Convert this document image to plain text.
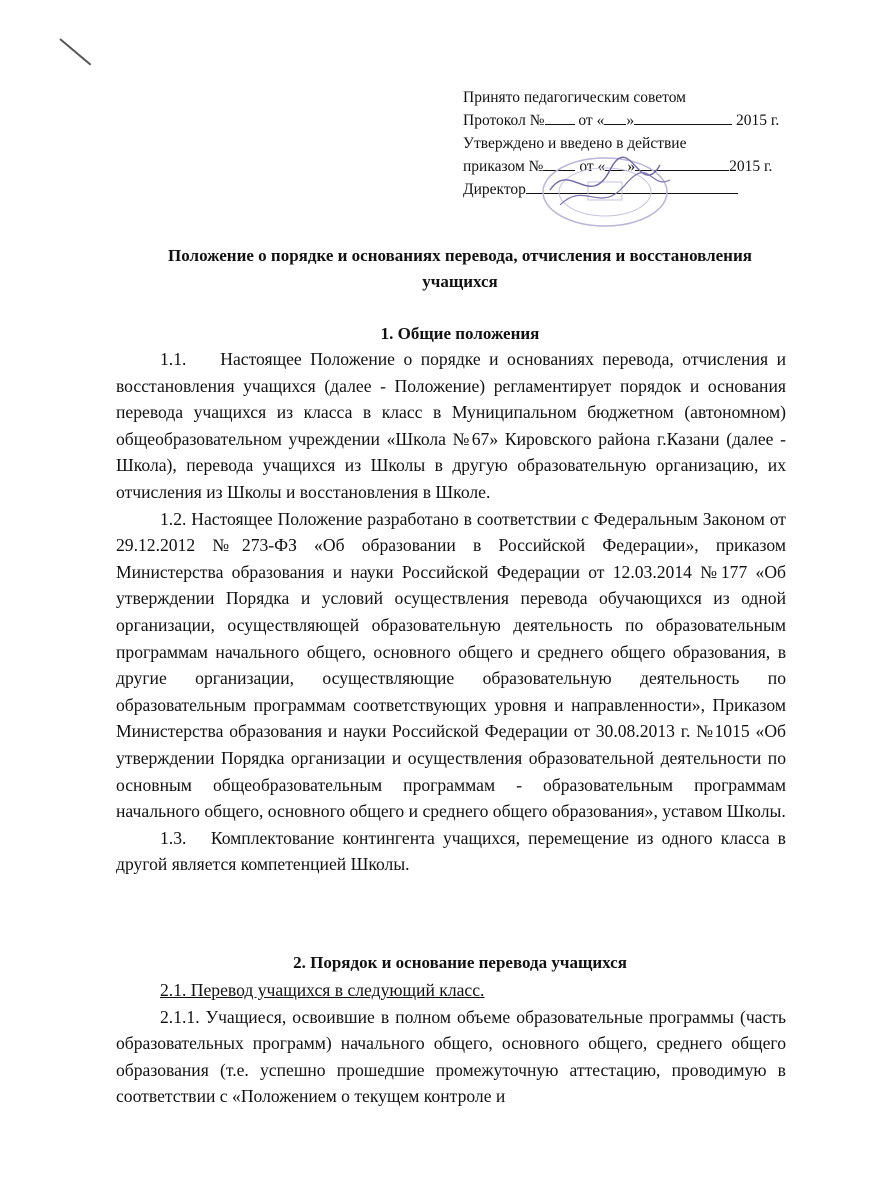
Принято педагогическим советом
Протокол № от « »	2015 г.
Утверждено и введено в действие
приказом № от « »	2015 г.
Директор
Положение о порядке и основаниях перевода, отчисления и восстановления
учащихся
1. Общие положения

1.1.    Настоящее Положение о порядке и основаниях перевода, отчисления и восстановления учащихся (далее - Положение) регламентирует порядок и основания перевода учащихся из класса в класс в Муниципальном бюджетном (автономном) общеобразовательном учреждении «Школа №67» Кировского района г.Казани (далее - Школа), перевода учащихся из Школы в другую образовательную организацию, их отчисления из Школы и восстановления в Школе.

1.2. Настоящее Положение разработано в соответствии с Федеральным Законом от 29.12.2012 №273-ФЗ «Об образовании в Российской Федерации», приказом Министерства образования и науки Российской Федерации от 12.03.2014 №177 «Об утверждении Порядка и условий осуществления перевода обучающихся из одной организации, осуществляющей образовательную деятельность по образовательным программам начального общего, основного общего и среднего общего образования, в другие организации, осуществляющие образовательную деятельность по образовательным программам соответствующих уровня и направленности», Приказом Министерства образования и науки Российской Федерации от 30.08.2013 г. №1015 «Об утверждении Порядка организации и осуществления образовательной деятельности по основным общеобразовательным программам - образовательным программам начального общего, основного общего и среднего общего образования», уставом Школы.

1.3.   Комплектование контингента учащихся, перемещение из одного класса в другой является компетенцией Школы.

2. Порядок и основание перевода учащихся

2.1. Перевод учащихся в следующий класс.

2.1.1. Учащиеся, освоившие в полном объеме образовательные программы (часть образовательных программ) начального общего, основного общего, среднего общего образования (т.е. успешно прошедшие промежуточную аттестацию, проводимую в соответствии с «Положением о текущем контроле и
